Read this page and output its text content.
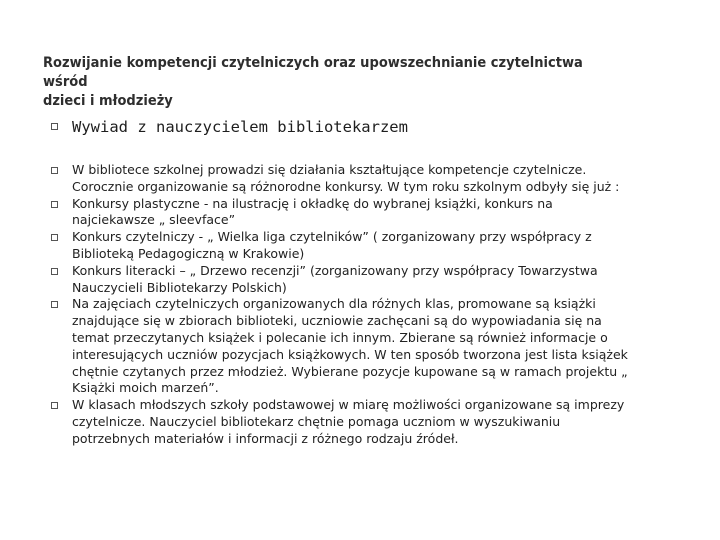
Rozwijanie kompetencji czytelniczych oraz upowszechnianie czytelnictwa wśród
dzieci i młodzieży
Wywiad z nauczycielem bibliotekarzem
W bibliotece szkolnej prowadzi się działania kształtujące kompetencje czytelnicze.
Corocznie organizowanie są różnorodne konkursy. W tym roku szkolnym odbyły się już :
Konkursy plastyczne - na ilustrację i okładkę do wybranej książki, konkurs na
najciekawsze „ sleevface”
Konkurs czytelniczy - „ Wielka liga czytelników” ( zorganizowany przy współpracy z
Biblioteką Pedagogiczną w Krakowie)
Konkurs literacki – „ Drzewo recenzji” (zorganizowany przy współpracy Towarzystwa
Nauczycieli Bibliotekarzy Polskich)
Na zajęciach czytelniczych organizowanych dla różnych klas, promowane są książki
znajdujące się w zbiorach biblioteki, uczniowie zachęcani są do wypowiadania się na
temat przeczytanych książek i polecanie ich innym. Zbierane są również informacje o
interesujących uczniów pozycjach książkowych. W ten sposób tworzona jest lista książek
chętnie czytanych przez młodzież. Wybierane pozycje kupowane są w ramach projektu „
Książki moich marzeń”.
W klasach młodszych szkoły podstawowej w miarę możliwości organizowane są imprezy
czytelnicze. Nauczyciel bibliotekarz chętnie pomaga uczniom w wyszukiwaniu
potrzebnych materiałów i informacji z różnego rodzaju źródeł.
